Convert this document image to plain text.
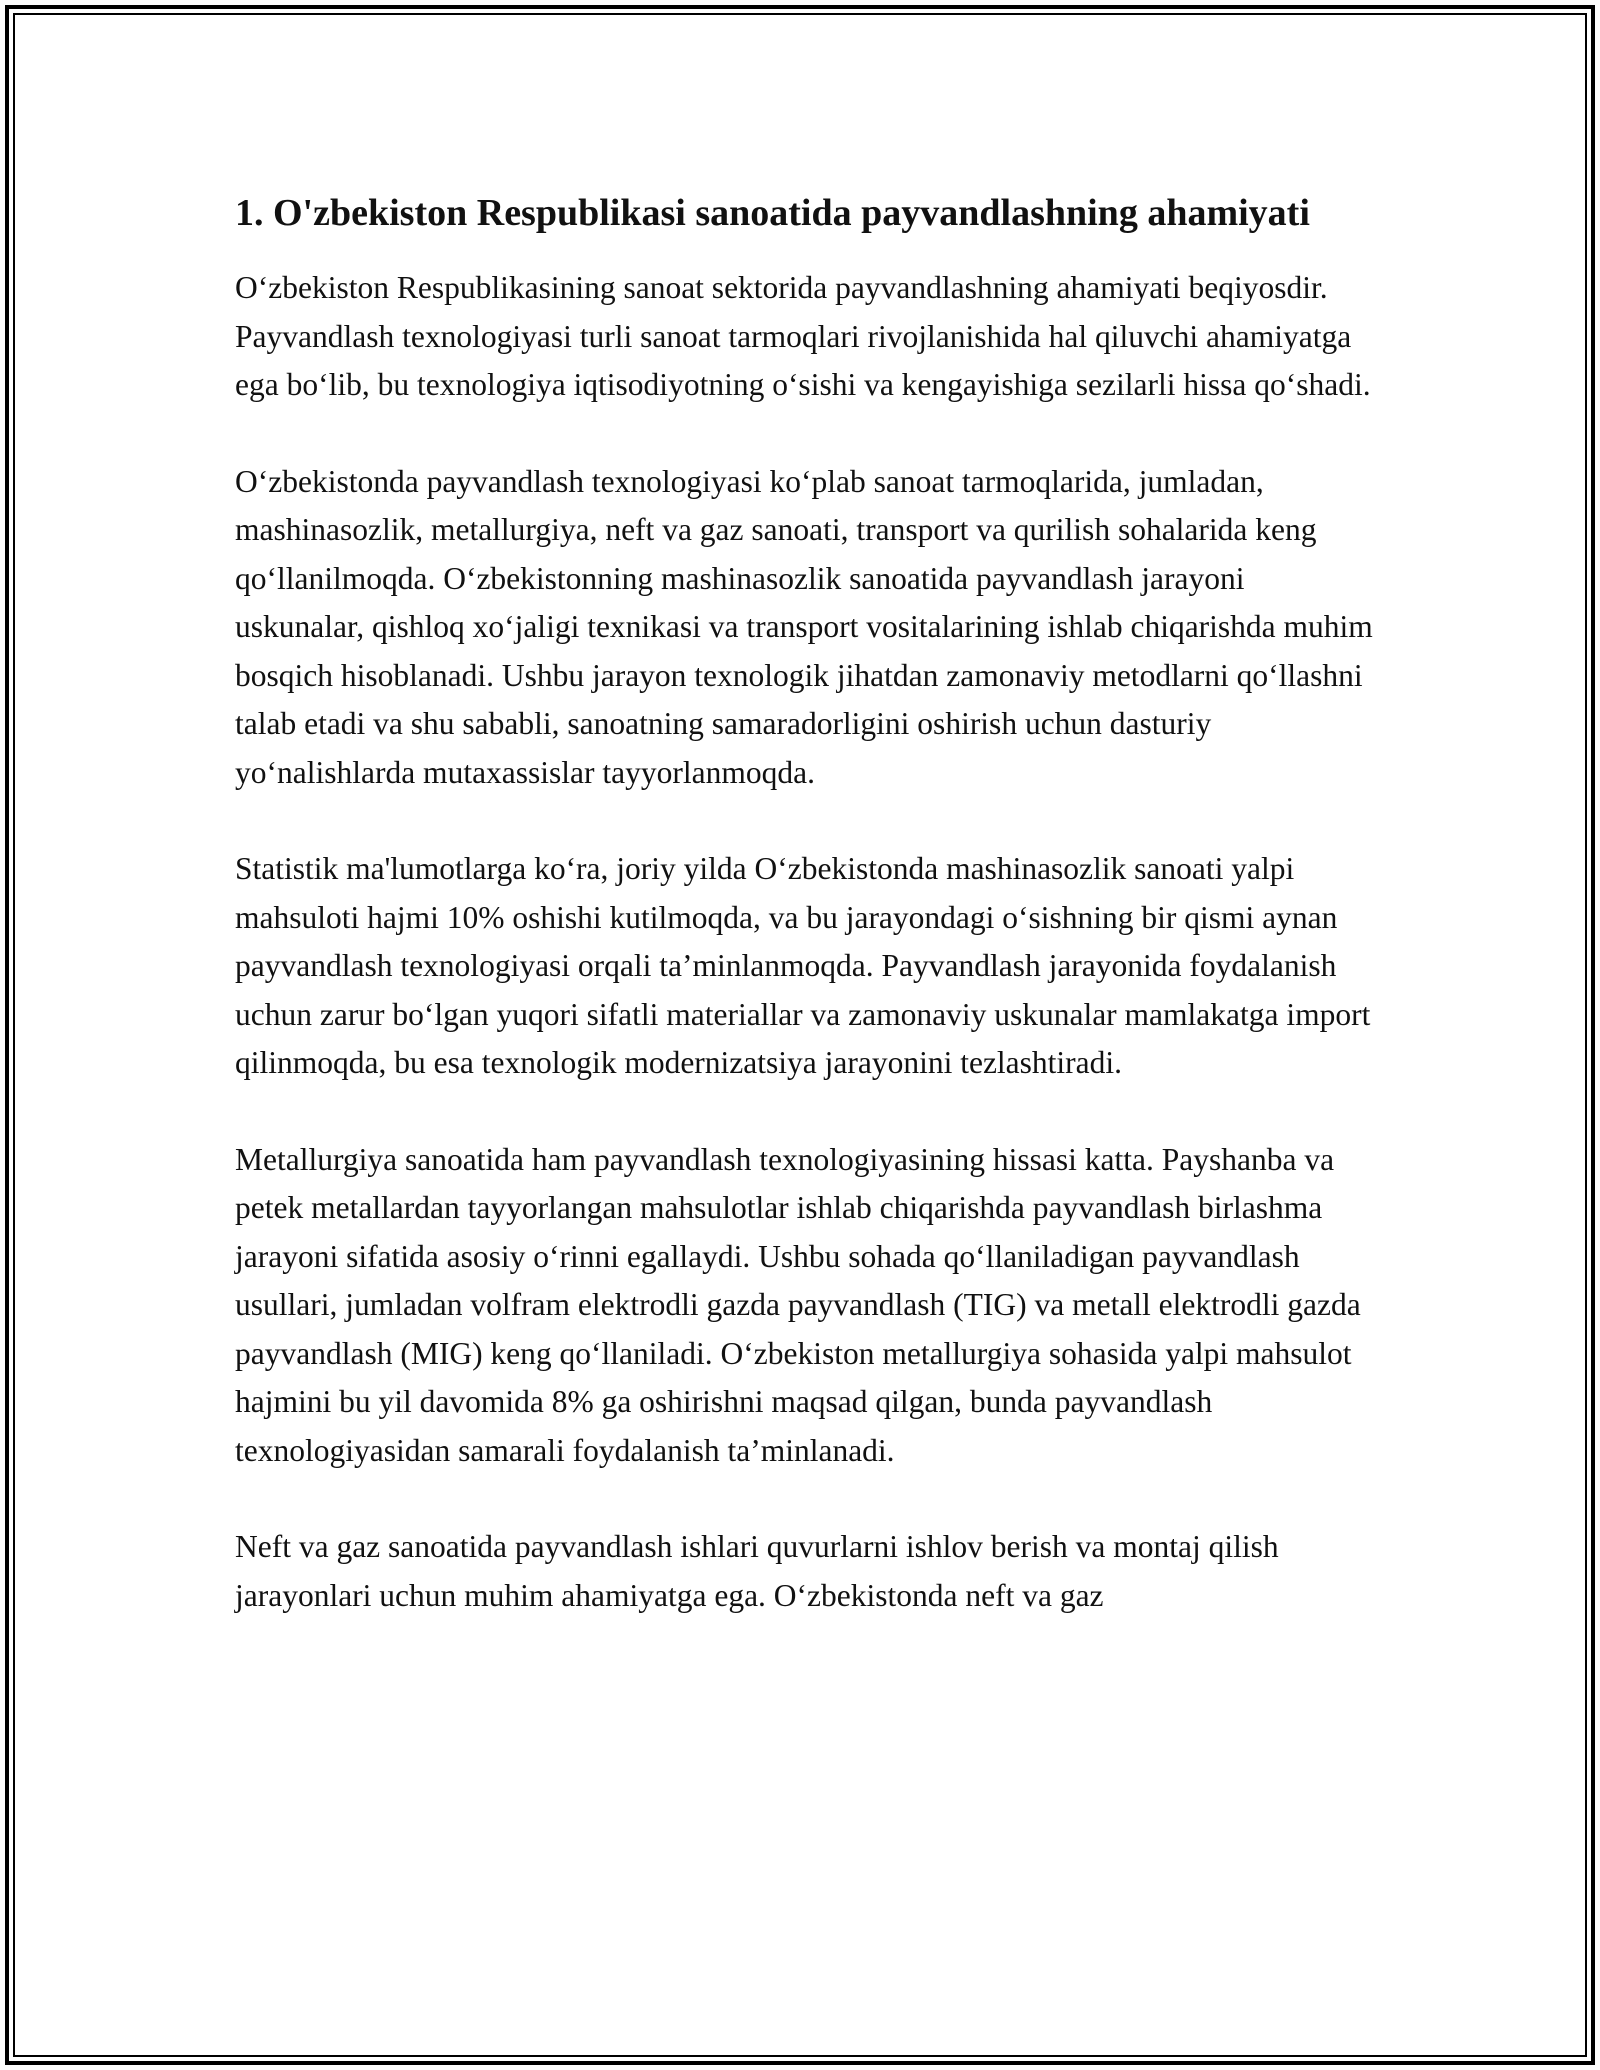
1. O'zbekiston Respublikasi sanoatida payvandlashning ahamiyati
O‘zbekiston Respublikasining sanoat sektorida payvandlashning ahamiyati beqiyosdir. Payvandlash texnologiyasi turli sanoat tarmoqlari rivojlanishida hal qiluvchi ahamiyatga ega bo‘lib, bu texnologiya iqtisodiyotning o‘sishi va kengayishiga sezilarli hissa qo‘shadi.
O‘zbekistonda payvandlash texnologiyasi ko‘plab sanoat tarmoqlarida, jumladan, mashinasozlik, metallurgiya, neft va gaz sanoati, transport va qurilish sohalarida keng qo‘llanilmoqda. O‘zbekistonning mashinasozlik sanoatida payvandlash jarayoni uskunalar, qishloq xo‘jaligi texnikasi va transport vositalarining ishlab chiqarishda muhim bosqich hisoblanadi. Ushbu jarayon texnologik jihatdan zamonaviy metodlarni qo‘llashni talab etadi va shu sababli, sanoatning samaradorligini oshirish uchun dasturiy yo‘nalishlarda mutaxassislar tayyorlanmoqda.
Statistik ma'lumotlarga ko‘ra, joriy yilda O‘zbekistonda mashinasozlik sanoati yalpi mahsuloti hajmi 10% oshishi kutilmoqda, va bu jarayondagi o‘sishning bir qismi aynan payvandlash texnologiyasi orqali ta’minlanmoqda. Payvandlash jarayonida foydalanish uchun zarur bo‘lgan yuqori sifatli materiallar va zamonaviy uskunalar mamlakatga import qilinmoqda, bu esa texnologik modernizatsiya jarayonini tezlashtiradi.
Metallurgiya sanoatida ham payvandlash texnologiyasining hissasi katta. Payshanba va petek metallardan tayyorlangan mahsulotlar ishlab chiqarishda payvandlash birlashma jarayoni sifatida asosiy o‘rinni egallaydi. Ushbu sohada qo‘llaniladigan payvandlash usullari, jumladan volfram elektrodli gazda payvandlash (TIG) va metall elektrodli gazda payvandlash (MIG) keng qo‘llaniladi. O‘zbekiston metallurgiya sohasida yalpi mahsulot hajmini bu yil davomida 8% ga oshirishni maqsad qilgan, bunda payvandlash texnologiyasidan samarali foydalanish ta’minlanadi.
Neft va gaz sanoatida payvandlash ishlari quvurlarni ishlov berish va montaj qilish jarayonlari uchun muhim ahamiyatga ega. O‘zbekistonda neft va gaz
